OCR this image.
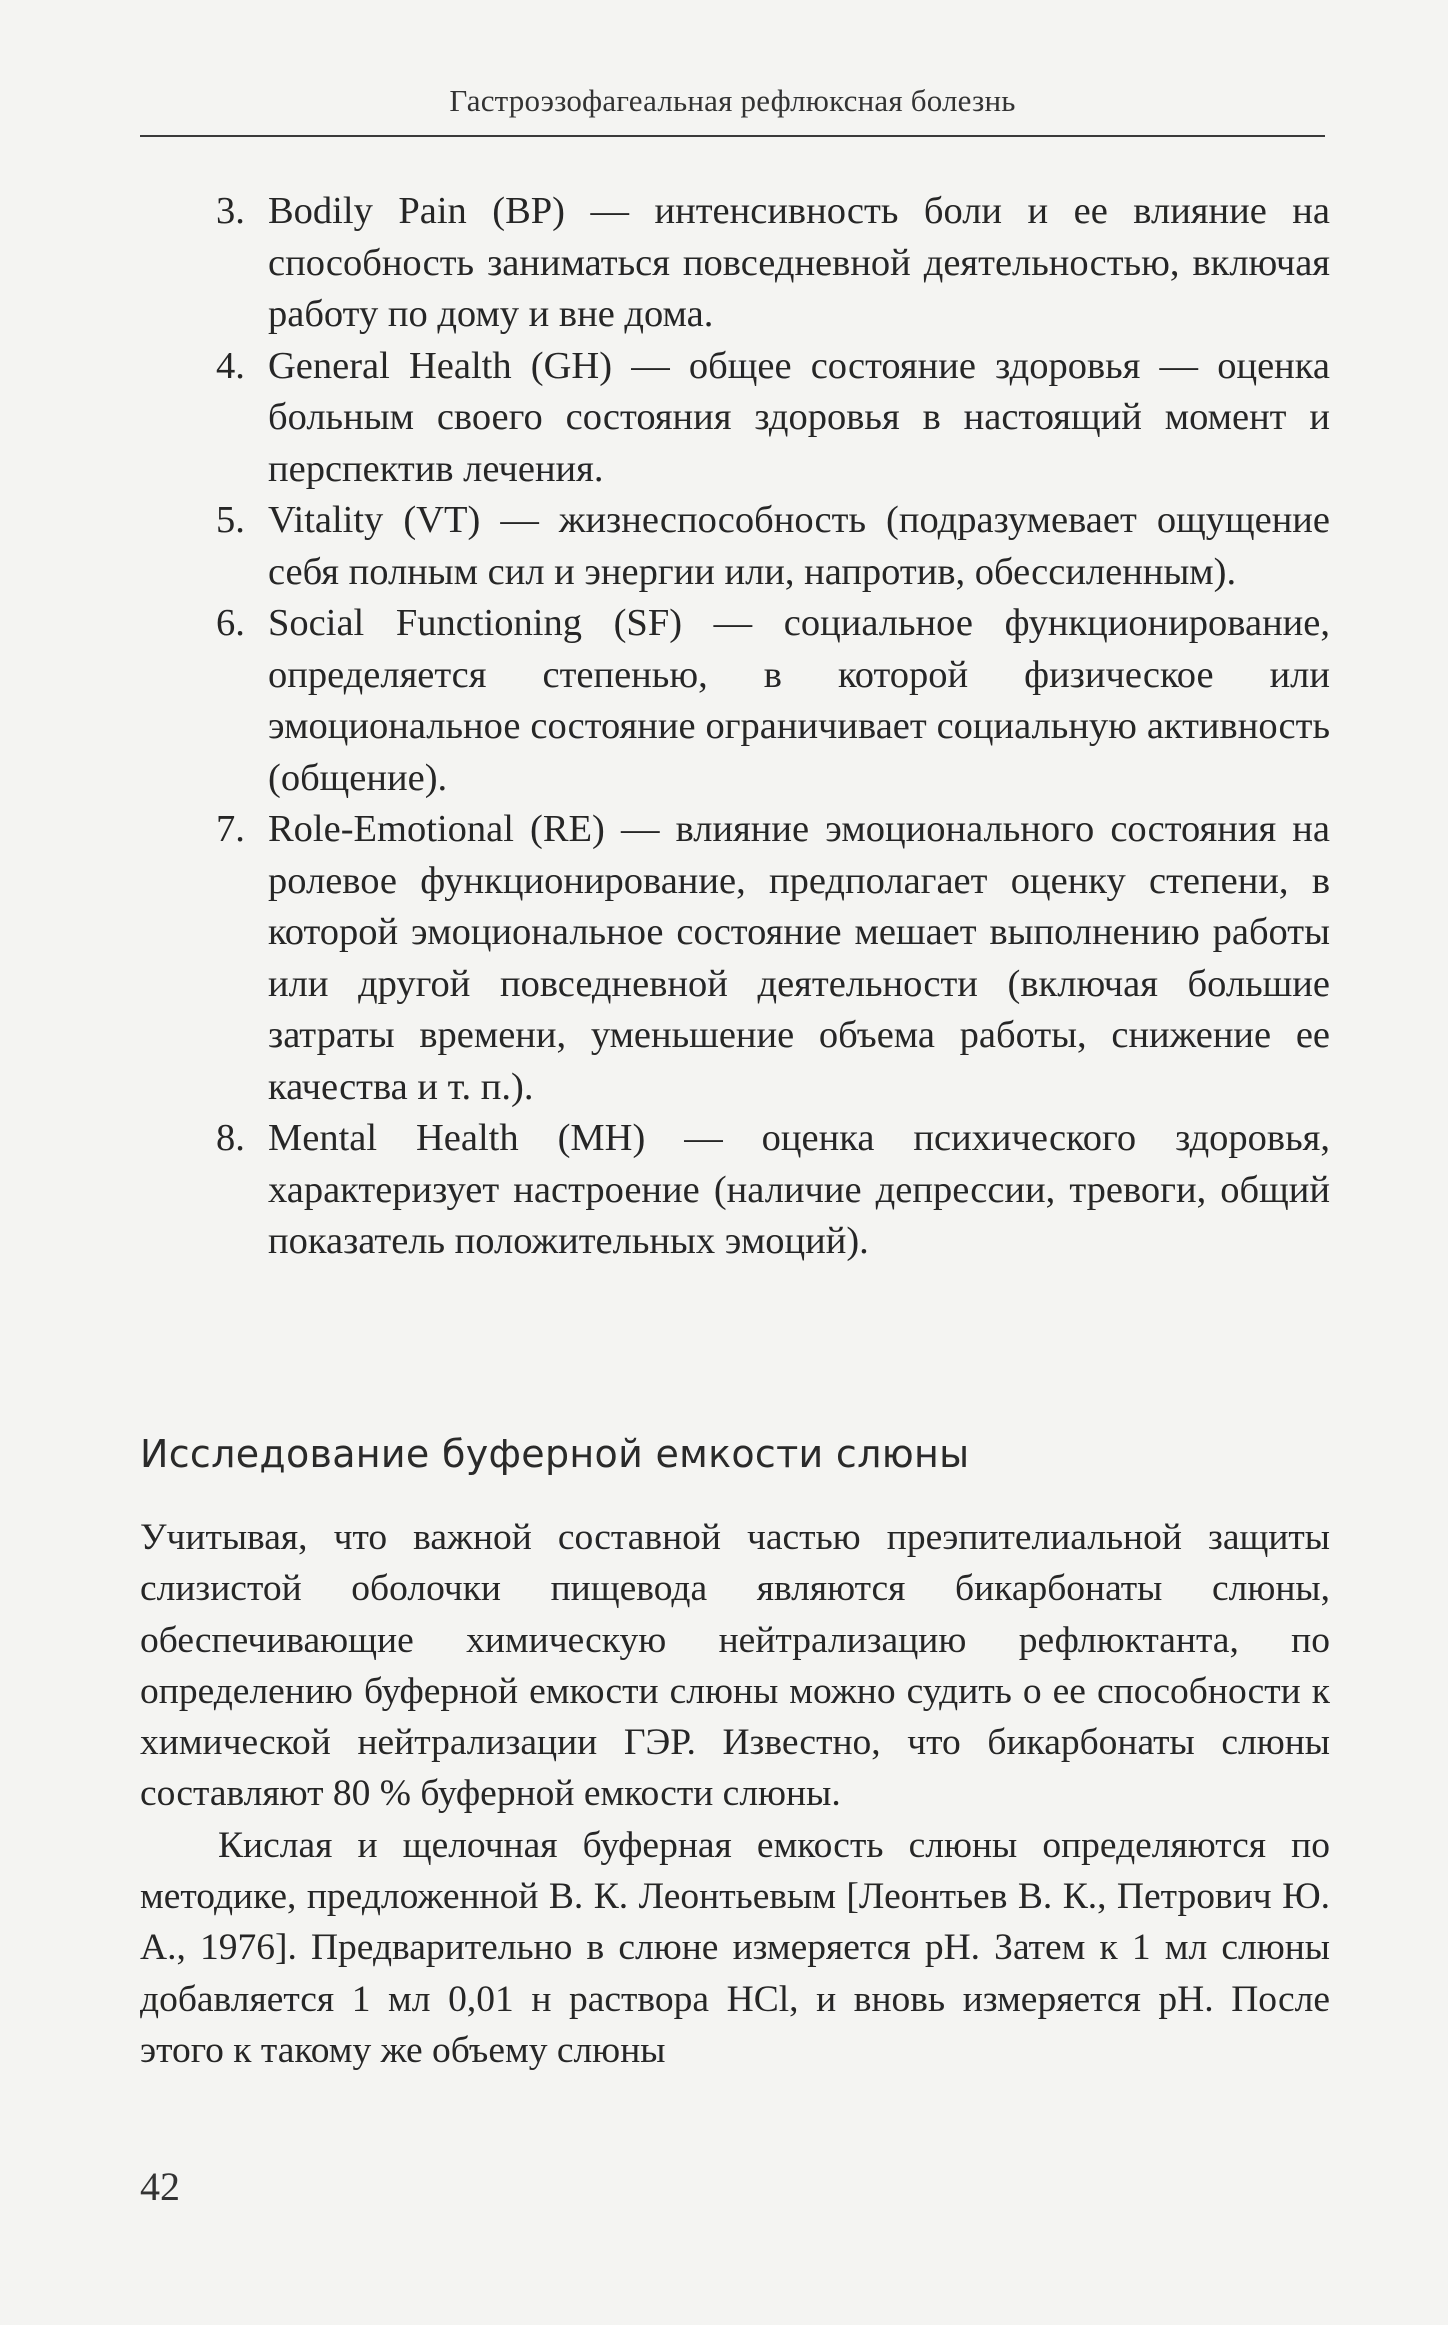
Гастроэзофагеальная рефлюксная болезнь
3. Bodily Pain (BP) — интенсивность боли и ее влияние на способность заниматься повседневной деятельностью, включая работу по дому и вне дома.
4. General Health (GH) — общее состояние здоровья — оценка больным своего состояния здоровья в настоящий момент и перспектив лечения.
5. Vitality (VT) — жизнеспособность (подразумевает ощущение себя полным сил и энергии или, напротив, обессиленным).
6. Social Functioning (SF) — социальное функционирование, определяется степенью, в которой физическое или эмоциональное состояние ограничивает социальную активность (общение).
7. Role-Emotional (RE) — влияние эмоционального состояния на ролевое функционирование, предполагает оценку степени, в которой эмоциональное состояние мешает выполнению работы или другой повседневной деятельности (включая большие затраты времени, уменьшение объема работы, снижение ее качества и т. п.).
8. Mental Health (MH) — оценка психического здоровья, характеризует настроение (наличие депрессии, тревоги, общий показатель положительных эмоций).
Исследование буферной емкости слюны

Учитывая, что важной составной частью преэпителиальной защиты слизистой оболочки пищевода являются бикарбонаты слюны, обеспечивающие химическую нейтрализацию рефлюктанта, по определению буферной емкости слюны можно судить о ее способности к химической нейтрализации ГЭР. Известно, что бикарбонаты слюны составляют 80 % буферной емкости слюны.

Кислая и щелочная буферная емкость слюны определяются по методике, предложенной В. К. Леонтьевым [Леонтьев В. К., Петрович Ю. А., 1976]. Предварительно в слюне измеряется pH. Затем к 1 мл слюны добавляется 1 мл 0,01 н раствора HCl, и вновь измеряется pH. После этого к такому же объему слюны

42
